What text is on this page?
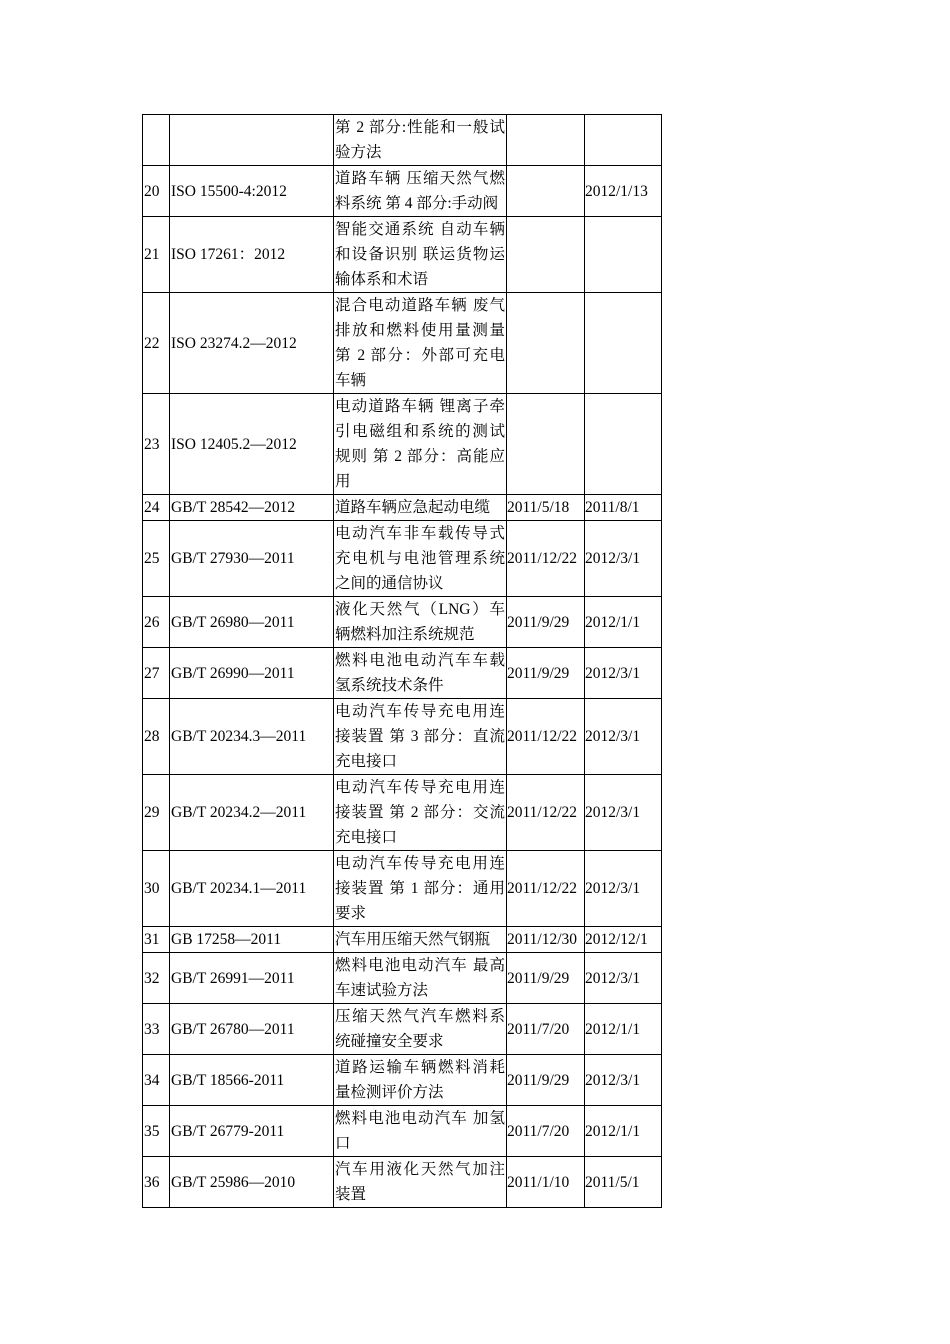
		第 2 部分:性能和一般试验方法		
20	ISO 15500-4:2012	道路车辆 压缩天然气燃料系统 第 4 部分:手动阀		2012/1/13
21	ISO 17261：2012	智能交通系统 自动车辆和设备识别 联运货物运输体系和术语		
22	ISO 23274.2—2012	混合电动道路车辆 废气排放和燃料使用量测量 第 2 部分：外部可充电车辆		
23	ISO 12405.2—2012	电动道路车辆 锂离子牵引电磁组和系统的测试规则 第 2 部分：高能应用		
24	GB/T 28542—2012	道路车辆应急起动电缆	2011/5/18	2011/8/1
25	GB/T 27930—2011	电动汽车非车载传导式充电机与电池管理系统之间的通信协议	2011/12/22	2012/3/1
26	GB/T 26980—2011	液化天然气（LNG）车辆燃料加注系统规范	2011/9/29	2012/1/1
27	GB/T 26990—2011	燃料电池电动汽车车载氢系统技术条件	2011/9/29	2012/3/1
28	GB/T 20234.3—2011	电动汽车传导充电用连接装置 第 3 部分：直流充电接口	2011/12/22	2012/3/1
29	GB/T 20234.2—2011	电动汽车传导充电用连接装置 第 2 部分：交流充电接口	2011/12/22	2012/3/1
30	GB/T 20234.1—2011	电动汽车传导充电用连接装置 第 1 部分：通用要求	2011/12/22	2012/3/1
31	GB 17258—2011	汽车用压缩天然气钢瓶	2011/12/30	2012/12/1
32	GB/T 26991—2011	燃料电池电动汽车 最高车速试验方法	2011/9/29	2012/3/1
33	GB/T 26780—2011	压缩天然气汽车燃料系统碰撞安全要求	2011/7/20	2012/1/1
34	GB/T 18566-2011	道路运输车辆燃料消耗量检测评价方法	2011/9/29	2012/3/1
35	GB/T 26779-2011	燃料电池电动汽车 加氢口	2011/7/20	2012/1/1
36	GB/T 25986—2010	汽车用液化天然气加注装置	2011/1/10	2011/5/1
